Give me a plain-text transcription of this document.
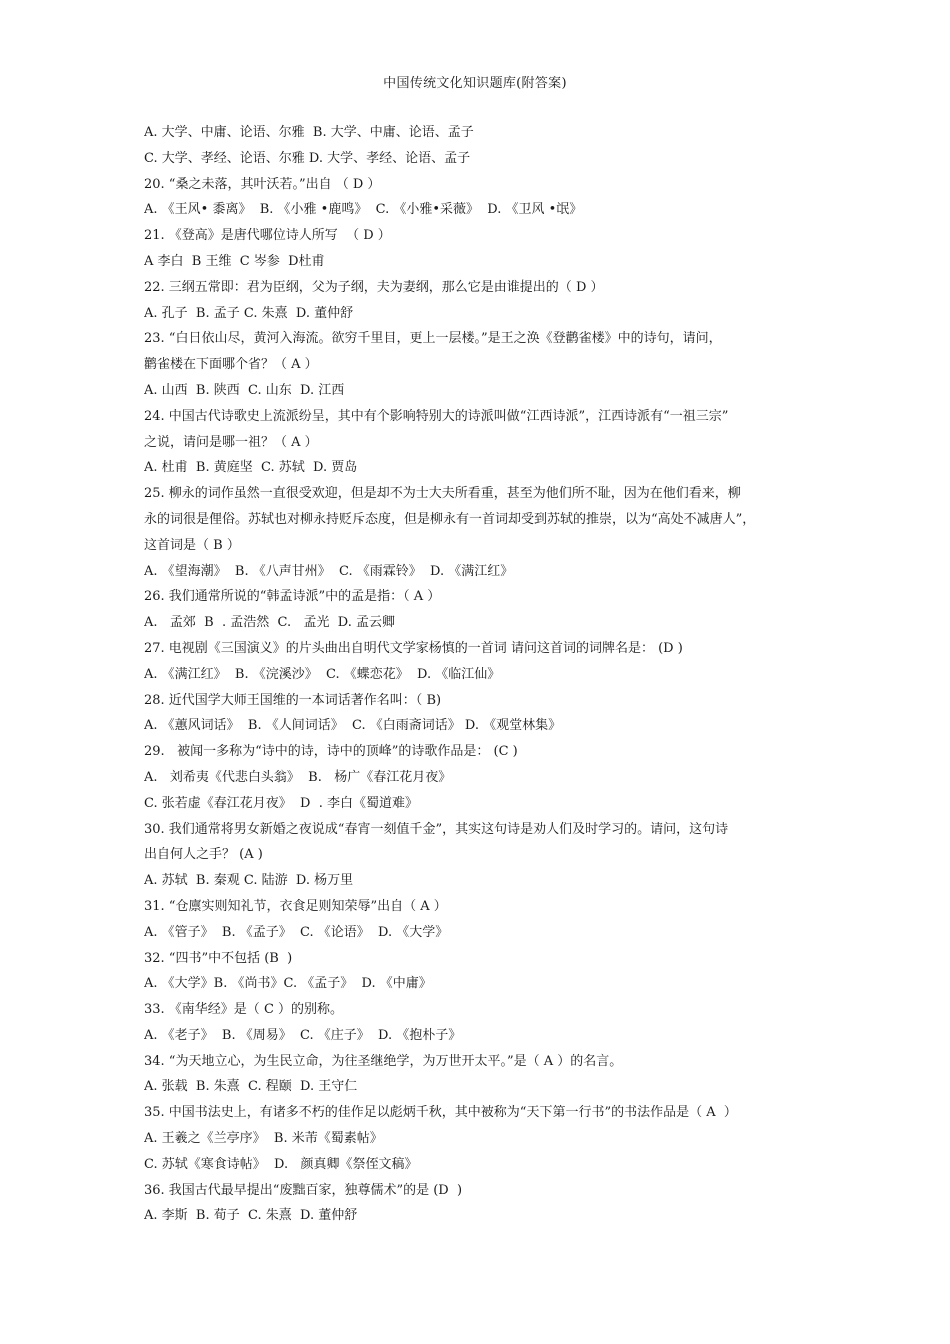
中国传统文化知识题库(附答案)
A. 大学、中庸、论语、尔雅  B. 大学、中庸、论语、孟子
C. 大学、孝经、论语、尔雅 D. 大学、孝经、论语、孟子
20. “桑之未落，其叶沃若。”出自 （ D ）
A. 《王风• 黍离》  B. 《小雅 •鹿鸣》  C. 《小雅•采薇》  D. 《卫风 •氓》
21. 《登高》是唐代哪位诗人所写  （ D ）
A 李白  B 王维  C 岑参  D杜甫
22. 三纲五常即：君为臣纲，父为子纲，夫为妻纲，那么它是由谁提出的（ D ）
A. 孔子  B. 孟子 C. 朱熹  D. 董仲舒
23. “白日依山尽，黄河入海流。欲穷千里目，更上一层楼。”是王之涣《登鹳雀楼》中的诗句，请问，
鹳雀楼在下面哪个省？（ A ）
A. 山西  B. 陕西  C. 山东  D. 江西
24. 中国古代诗歌史上流派纷呈，其中有个影响特别大的诗派叫做“江西诗派”，江西诗派有“一祖三宗”
之说，请问是哪一祖？（ A ）
A. 杜甫  B. 黄庭坚  C. 苏轼  D. 贾岛
25. 柳永的词作虽然一直很受欢迎，但是却不为士大夫所看重，甚至为他们所不耻，因为在他们看来，柳
永的词很是俚俗。苏轼也对柳永持贬斥态度，但是柳永有一首词却受到苏轼的推崇，以为“高处不减唐人”，
这首词是（ B ）
A. 《望海潮》  B. 《八声甘州》  C. 《雨霖铃》  D. 《满江红》
26. 我们通常所说的“韩孟诗派”中的孟是指：（ A ）
A.   孟郊  B  . 孟浩然  C.   孟光  D. 孟云卿
27. 电视剧《三国演义》的片头曲出自明代文学家杨慎的一首词 请问这首词的词牌名是： (D )
A. 《满江红》  B. 《浣溪沙》  C. 《蝶恋花》  D. 《临江仙》
28. 近代国学大师王国维的一本词话著作名叫：（ B)
A. 《蕙风词话》  B. 《人间词话》  C. 《白雨斋词话》 D. 《观堂林集》
29.   被闻一多称为“诗中的诗，诗中的顶峰”的诗歌作品是： (C )
A.   刘希夷《代悲白头翁》  B.   杨广《春江花月夜》
C. 张若虚《春江花月夜》  D  . 李白《蜀道难》
30. 我们通常将男女新婚之夜说成“春宵一刻值千金”，其实这句诗是劝人们及时学习的。请问，这句诗
出自何人之手？ (A )
A. 苏轼  B. 秦观 C. 陆游  D. 杨万里
31. “仓廪实则知礼节，衣食足则知荣辱”出自（ A ）
A. 《管子》  B. 《孟子》  C. 《论语》  D. 《大学》
32. “四书”中不包括 (B  )
A. 《大学》B. 《尚书》C. 《孟子》  D. 《中庸》
33. 《南华经》是（ C ）的别称。
A. 《老子》  B. 《周易》  C. 《庄子》  D. 《抱朴子》
34. “为天地立心，为生民立命，为往圣继绝学，为万世开太平。”是（ A ）的名言。
A. 张载  B. 朱熹  C. 程颐  D. 王守仁
35. 中国书法史上，有诸多不朽的佳作足以彪炳千秋，其中被称为“天下第一行书”的书法作品是（ A  ）
A. 王羲之《兰亭序》  B. 米芾《蜀素帖》
C. 苏轼《寒食诗帖》  D.   颜真卿《祭侄文稿》
36. 我国古代最早提出“废黜百家，独尊儒术”的是 (D  )
A. 李斯  B. 荀子  C. 朱熹  D. 董仲舒
